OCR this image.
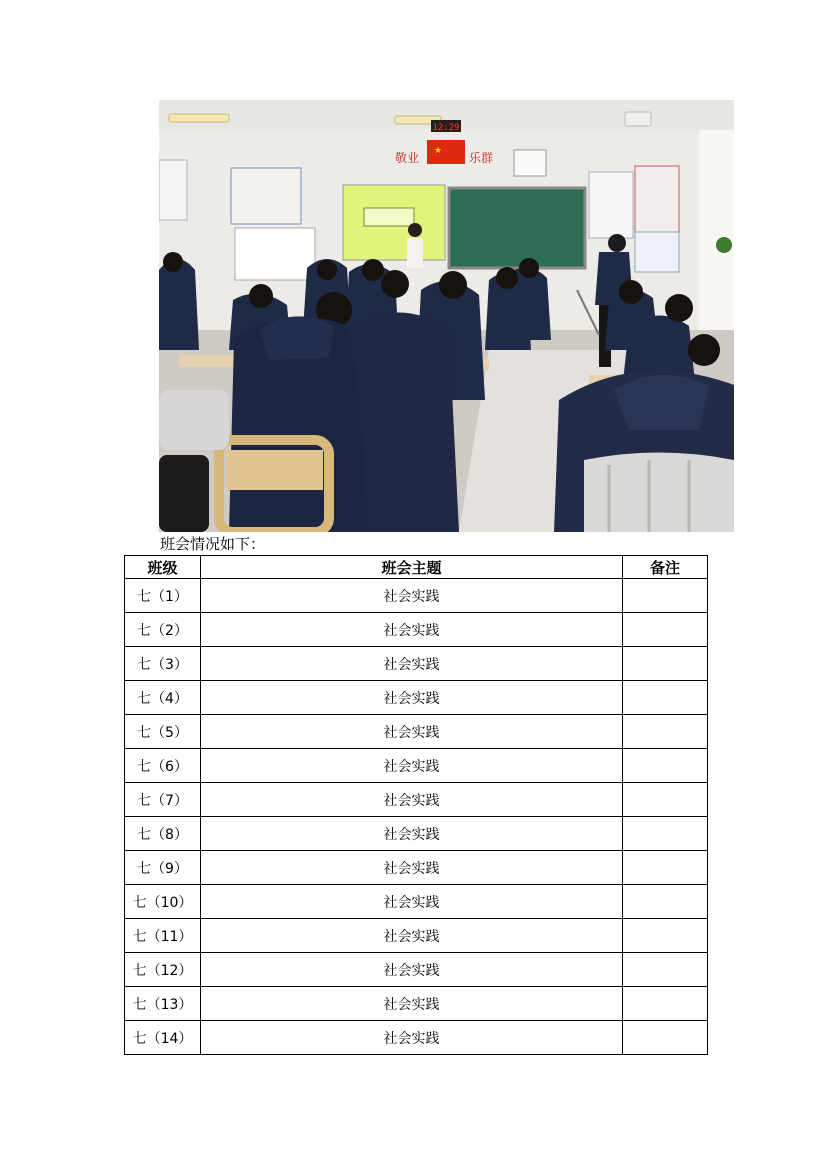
12:29
敬业 ★ 乐群
班会情况如下：
班级	班会主题	备注
七（1）	社会实践	
七（2）	社会实践	
七（3）	社会实践	
七（4）	社会实践	
七（5）	社会实践	
七（6）	社会实践	
七（7）	社会实践	
七（8）	社会实践	
七（9）	社会实践	
七（10）	社会实践	
七（11）	社会实践	
七（12）	社会实践	
七（13）	社会实践	
七（14）	社会实践	
